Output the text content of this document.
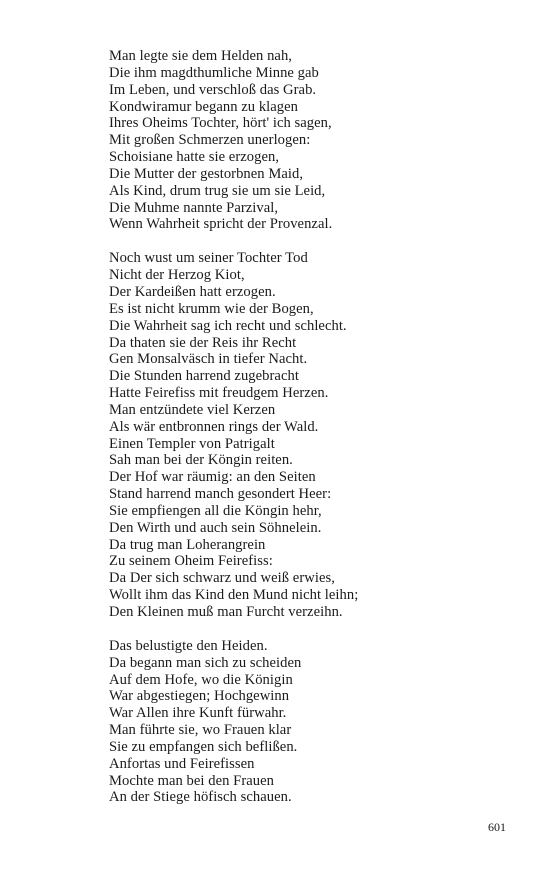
Man legte sie dem Helden nah,
Die ihm magdthumliche Minne gab
Im Leben, und verschloß das Grab.
Kondwiramur begann zu klagen
Ihres Oheims Tochter, hört' ich sagen,
Mit großen Schmerzen unerlogen:
Schoisiane hatte sie erzogen,
Die Mutter der gestorbnen Maid,
Als Kind, drum trug sie um sie Leid,
Die Muhme nannte Parzival,
Wenn Wahrheit spricht der Provenzal.
Noch wust um seiner Tochter Tod
Nicht der Herzog Kiot,
Der Kardeißen hatt erzogen.
Es ist nicht krumm wie der Bogen,
Die Wahrheit sag ich recht und schlecht.
Da thaten sie der Reis ihr Recht
Gen Monsalväsch in tiefer Nacht.
Die Stunden harrend zugebracht
Hatte Feirefiss mit freudgem Herzen.
Man entzündete viel Kerzen
Als wär entbronnen rings der Wald.
Einen Templer von Patrigalt
Sah man bei der Köngin reiten.
Der Hof war räumig: an den Seiten
Stand harrend manch gesondert Heer:
Sie empfiengen all die Köngin hehr,
Den Wirth und auch sein Söhnelein.
Da trug man Loherangrein
Zu seinem Oheim Feirefiss:
Da Der sich schwarz und weiß erwies,
Wollt ihm das Kind den Mund nicht leihn;
Den Kleinen muß man Furcht verzeihn.
Das belustigte den Heiden.
Da begann man sich zu scheiden
Auf dem Hofe, wo die Königin
War abgestiegen; Hochgewinn
War Allen ihre Kunft fürwahr.
Man führte sie, wo Frauen klar
Sie zu empfangen sich beflißen.
Anfortas und Feirefissen
Mochte man bei den Frauen
An der Stiege höfisch schauen.
601
